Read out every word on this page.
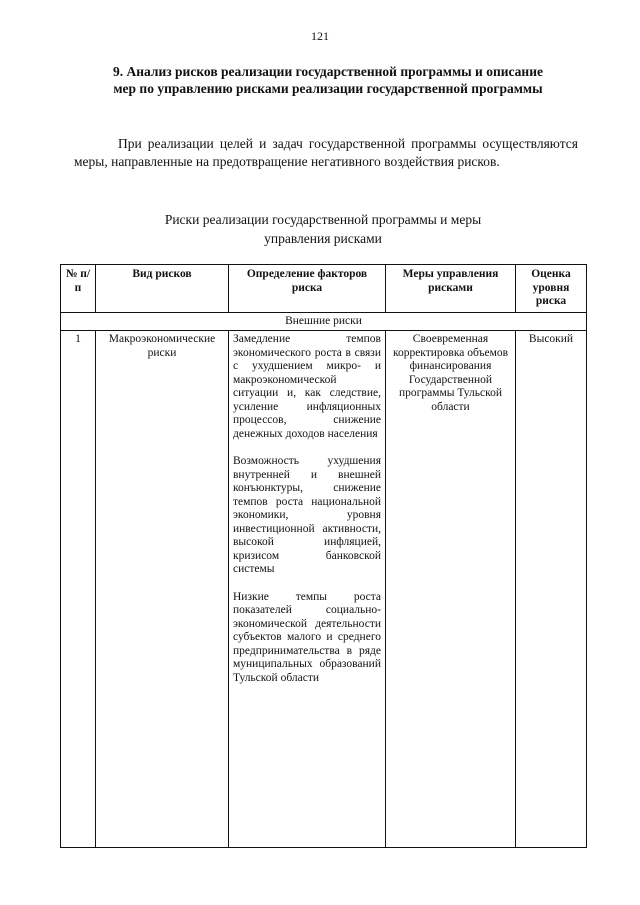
121
9. Анализ рисков реализации государственной программы и описание мер по управлению рисками реализации государственной программы

При реализации целей и задач государственной программы осуществляются меры, направленные на предотвращение негативного воздействия рисков.

Риски реализации государственной программы и меры управления рисками
№ п/п	Вид рисков	Определение факторов риска	Меры управления рисками	Оценка уровня риска
Внешние риски				
1	Макроэкономические риски	Замедление темпов экономического роста в связи с ухудшением микро- и макроэкономической ситуации и, как следствие, усиление инфляционных процессов, снижение денежных доходов населения

Возможность ухудшения внутренней и внешней конъюнктуры, снижение темпов роста национальной экономики, уровня инвестиционной активности, высокой инфляцией, кризисом банковской системы

Низкие темпы роста показателей социально-экономической деятельности субъектов малого и среднего предпринимательства в ряде муниципальных образований Тульской области	Своевременная корректировка объемов финансирования Государственной программы Тульской области	Высокий
